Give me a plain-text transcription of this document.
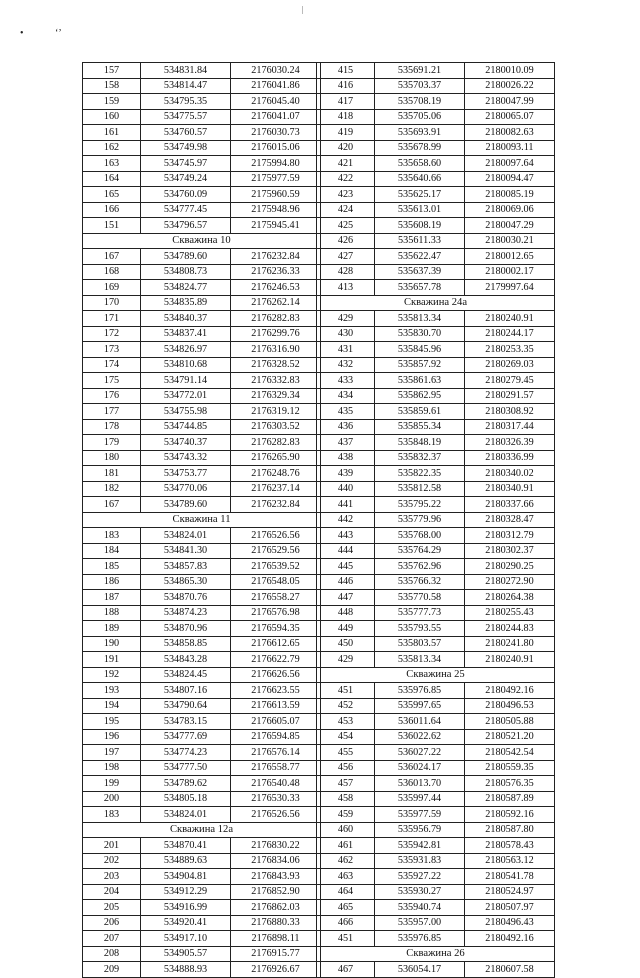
•	ʻʼ
157	534831.84	2176030.24
158	534814.47	2176041.86
159	534795.35	2176045.40
160	534775.57	2176041.07
161	534760.57	2176030.73
162	534749.98	2176015.06
163	534745.97	2175994.80
164	534749.24	2175977.59
165	534760.09	2175960.59
166	534777.45	2175948.96
151	534796.57	2175945.41
Скважина 10		
167	534789.60	2176232.84
168	534808.73	2176236.33
169	534824.77	2176246.53
170	534835.89	2176262.14
171	534840.37	2176282.83
172	534837.41	2176299.76
173	534826.97	2176316.90
174	534810.68	2176328.52
175	534791.14	2176332.83
176	534772.01	2176329.34
177	534755.98	2176319.12
178	534744.85	2176303.52
179	534740.37	2176282.83
180	534743.32	2176265.90
181	534753.77	2176248.76
182	534770.06	2176237.14
167	534789.60	2176232.84
Скважина 11		
183	534824.01	2176526.56
184	534841.30	2176529.56
185	534857.83	2176539.52
186	534865.30	2176548.05
187	534870.76	2176558.27
188	534874.23	2176576.98
189	534870.96	2176594.35
190	534858.85	2176612.65
191	534843.28	2176622.79
192	534824.45	2176626.56
193	534807.16	2176623.55
194	534790.64	2176613.59
195	534783.15	2176605.07
196	534777.69	2176594.85
197	534774.23	2176576.14
198	534777.50	2176558.77
199	534789.62	2176540.48
200	534805.18	2176530.33
183	534824.01	2176526.56
Скважина 12а		
201	534870.41	2176830.22
202	534889.63	2176834.06
203	534904.81	2176843.93
204	534912.29	2176852.90
205	534916.99	2176862.03
206	534920.41	2176880.33
207	534917.10	2176898.11
208	534905.57	2176915.77
209	534888.93	2176926.67
415	535691.21	2180010.09
416	535703.37	2180026.22
417	535708.19	2180047.99
418	535705.06	2180065.07
419	535693.91	2180082.63
420	535678.99	2180093.11
421	535658.60	2180097.64
422	535640.66	2180094.47
423	535625.17	2180085.19
424	535613.01	2180069.06
425	535608.19	2180047.29
426	535611.33	2180030.21
427	535622.47	2180012.65
428	535637.39	2180002.17
413	535657.78	2179997.64
Скважина 24а		
429	535813.34	2180240.91
430	535830.70	2180244.17
431	535845.96	2180253.35
432	535857.92	2180269.03
433	535861.63	2180279.45
434	535862.95	2180291.57
435	535859.61	2180308.92
436	535855.34	2180317.44
437	535848.19	2180326.39
438	535832.37	2180336.99
439	535822.35	2180340.02
440	535812.58	2180340.91
441	535795.22	2180337.66
442	535779.96	2180328.47
443	535768.00	2180312.79
444	535764.29	2180302.37
445	535762.96	2180290.25
446	535766.32	2180272.90
447	535770.58	2180264.38
448	535777.73	2180255.43
449	535793.55	2180244.83
450	535803.57	2180241.80
429	535813.34	2180240.91
Скважина 25		
451	535976.85	2180492.16
452	535997.65	2180496.53
453	536011.64	2180505.88
454	536022.62	2180521.20
455	536027.22	2180542.54
456	536024.17	2180559.35
457	536013.70	2180576.35
458	535997.44	2180587.89
459	535977.59	2180592.16
460	535956.79	2180587.80
461	535942.81	2180578.43
462	535931.83	2180563.12
463	535927.22	2180541.78
464	535930.27	2180524.97
465	535940.74	2180507.97
466	535957.00	2180496.43
451	535976.85	2180492.16
Скважина 26		
467	536054.17	2180607.58
